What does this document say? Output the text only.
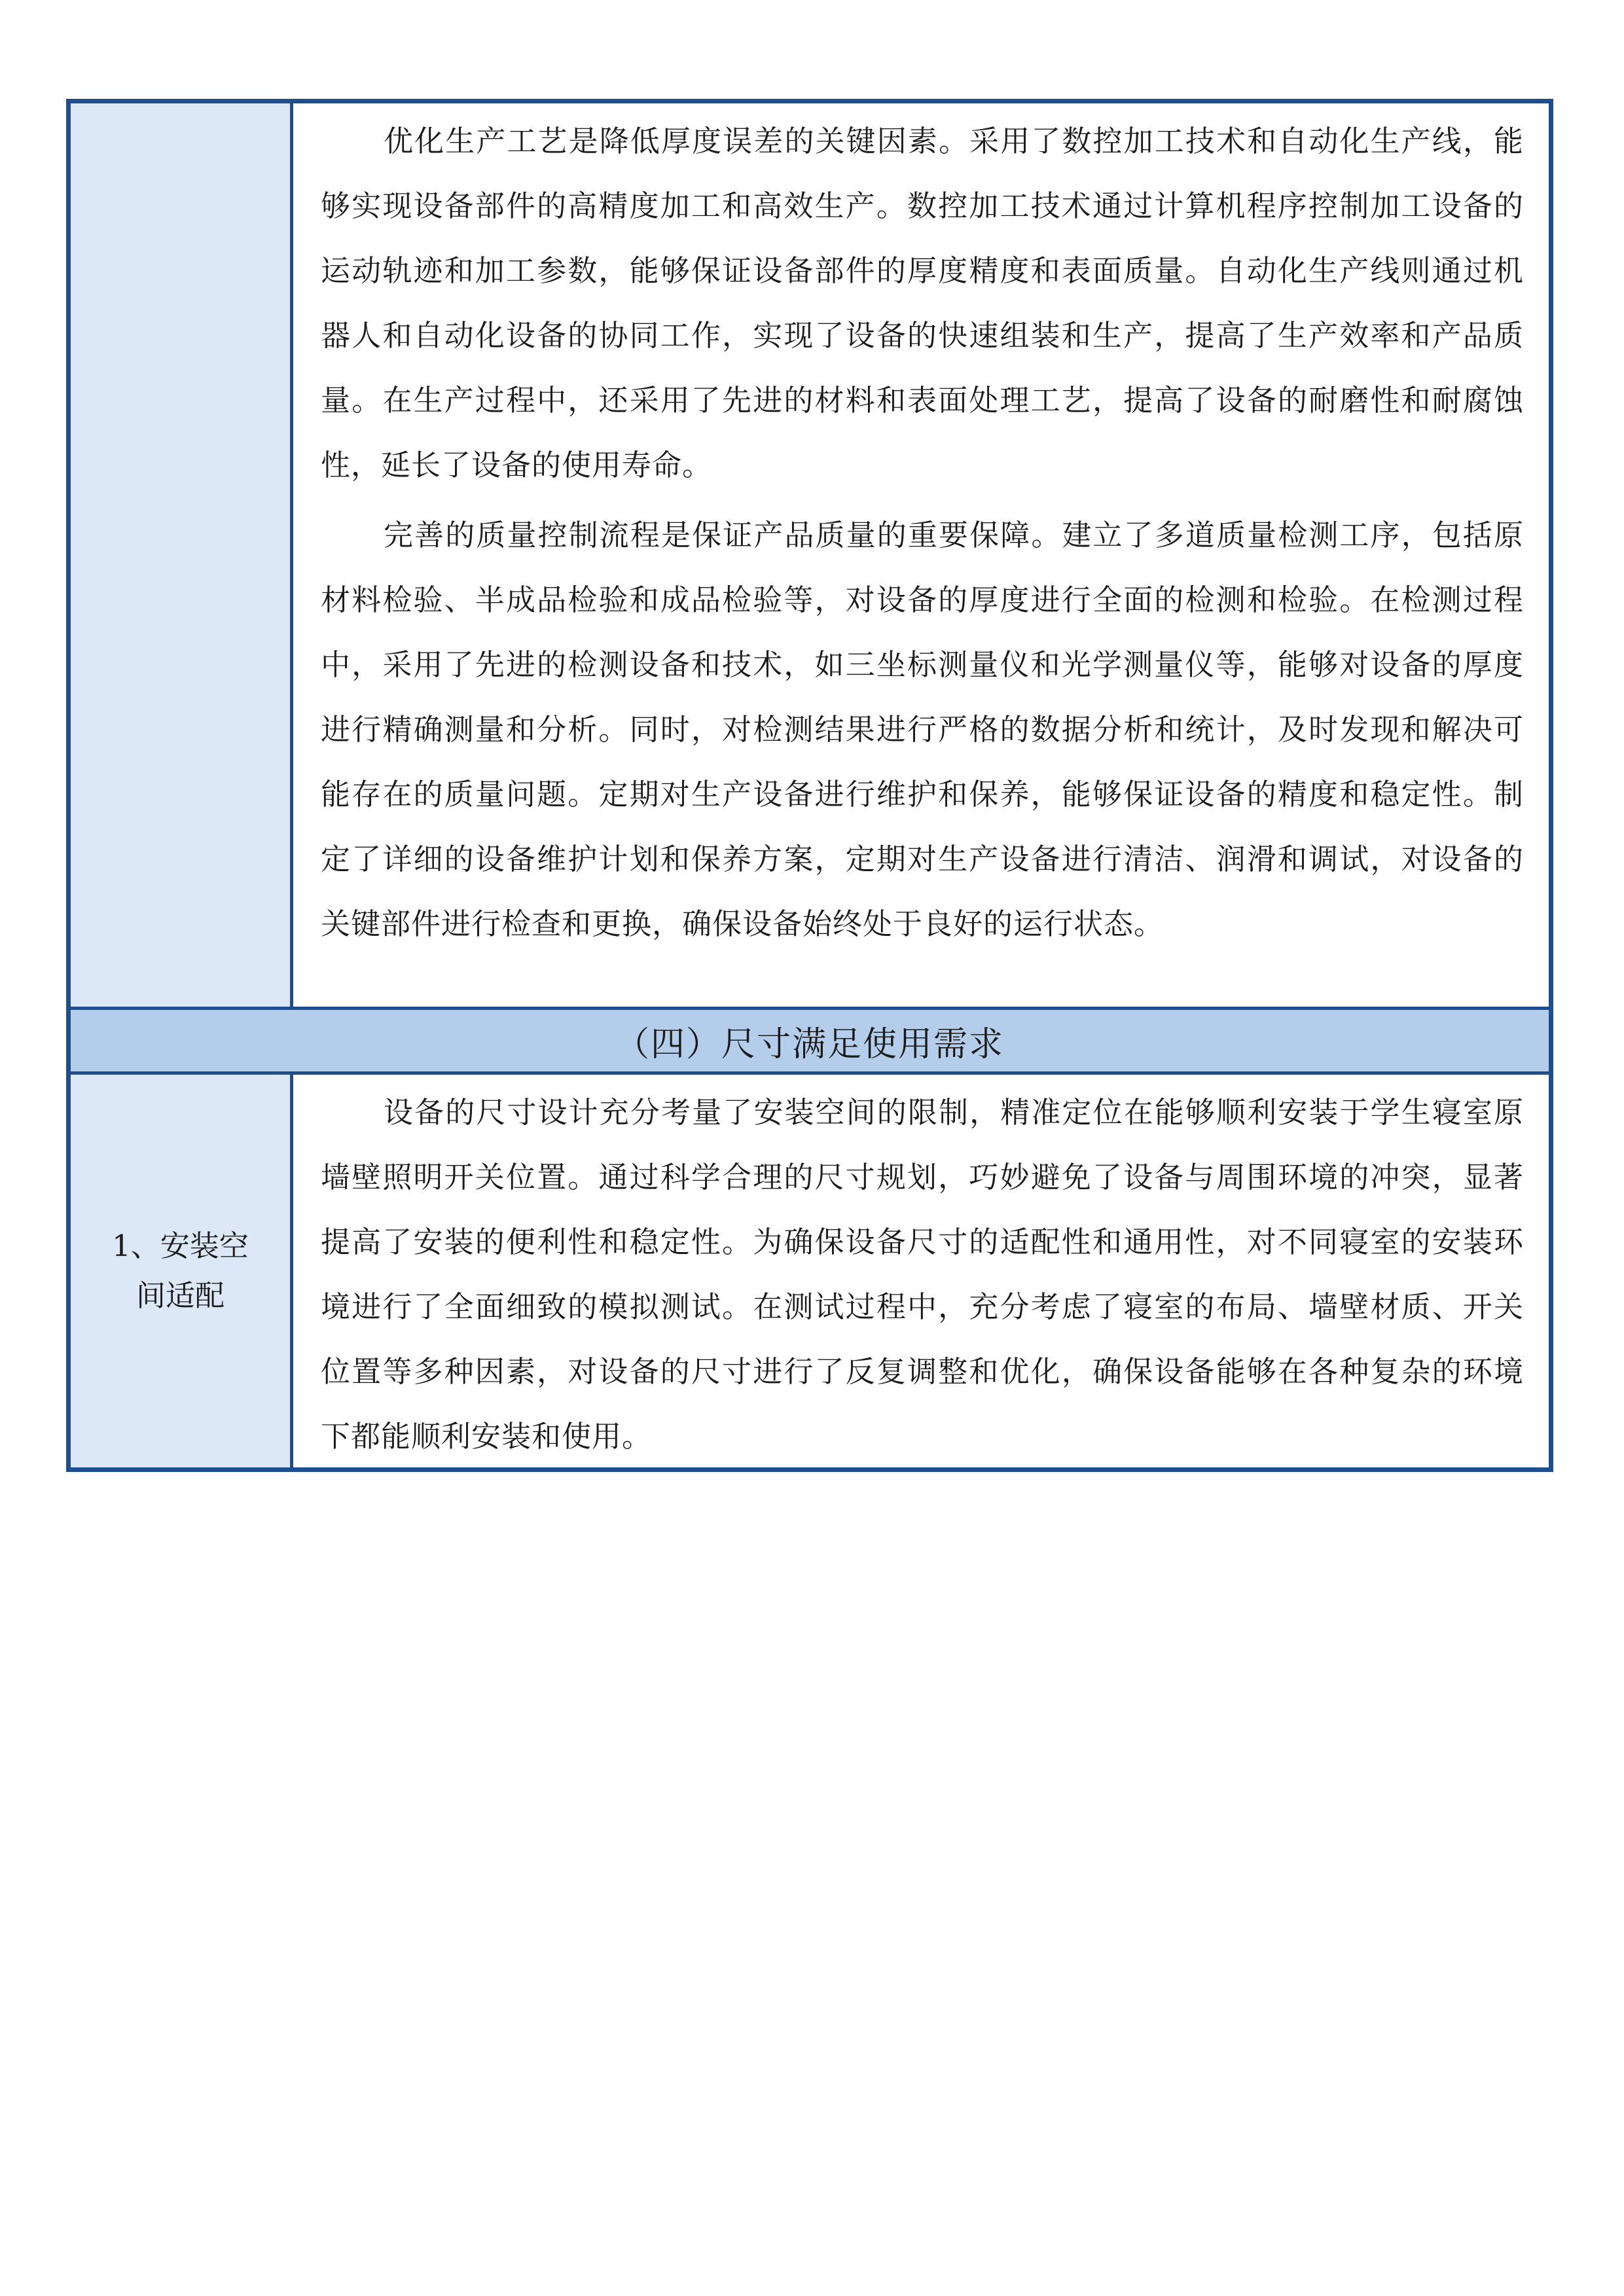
优化生产工艺是降低厚度误差的关键因素。采用了数控加工技术和自动化生产线，能够实现设备部件的高精度加工和高效生产。数控加工技术通过计算机程序控制加工设备的运动轨迹和加工参数，能够保证设备部件的厚度精度和表面质量。自动化生产线则通过机器人和自动化设备的协同工作，实现了设备的快速组装和生产，提高了生产效率和产品质量。在生产过程中，还采用了先进的材料和表面处理工艺，提高了设备的耐磨性和耐腐蚀性，延长了设备的使用寿命。

完善的质量控制流程是保证产品质量的重要保障。建立了多道质量检测工序，包括原材料检验、半成品检验和成品检验等，对设备的厚度进行全面的检测和检验。在检测过程中，采用了先进的检测设备和技术，如三坐标测量仪和光学测量仪等，能够对设备的厚度进行精确测量和分析。同时，对检测结果进行严格的数据分析和统计，及时发现和解决可能存在的质量问题。定期对生产设备进行维护和保养，能够保证设备的精度和稳定性。制定了详细的设备维护计划和保养方案，定期对生产设备进行清洁、润滑和调试，对设备的关键部件进行检查和更换，确保设备始终处于良好的运行状态。

（四）尺寸满足使用需求
1、安装空
间适配

设备的尺寸设计充分考量了安装空间的限制，精准定位在能够顺利安装于学生寝室原墙壁照明开关位置。通过科学合理的尺寸规划，巧妙避免了设备与周围环境的冲突，显著提高了安装的便利性和稳定性。为确保设备尺寸的适配性和通用性，对不同寝室的安装环境进行了全面细致的模拟测试。在测试过程中，充分考虑了寝室的布局、墙壁材质、开关位置等多种因素，对设备的尺寸进行了反复调整和优化，确保设备能够在各种复杂的环境下都能顺利安装和使用。
